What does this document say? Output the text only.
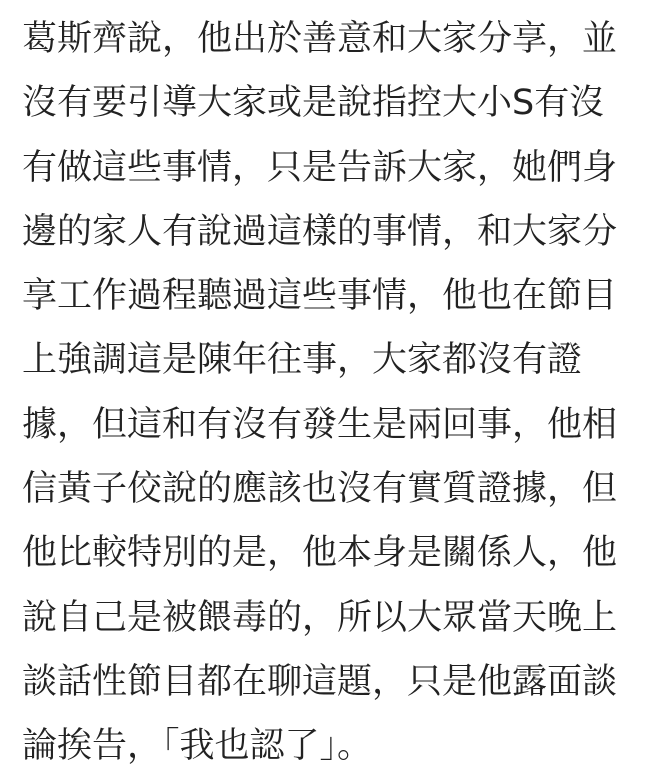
葛斯齊說，他出於善意和大家分享，並
沒有要引導大家或是說指控大小S有沒
有做這些事情，只是告訴大家，她們身
邊的家人有說過這樣的事情，和大家分
享工作過程聽過這些事情，他也在節目
上強調這是陳年往事，大家都沒有證
據，但這和有沒有發生是兩回事，他相
信黃子佼說的應該也沒有實質證據，但
他比較特別的是，他本身是關係人，他
說自己是被餵毒的，所以大眾當天晚上
談話性節目都在聊這題，只是他露面談
論挨告，「我也認了」。
